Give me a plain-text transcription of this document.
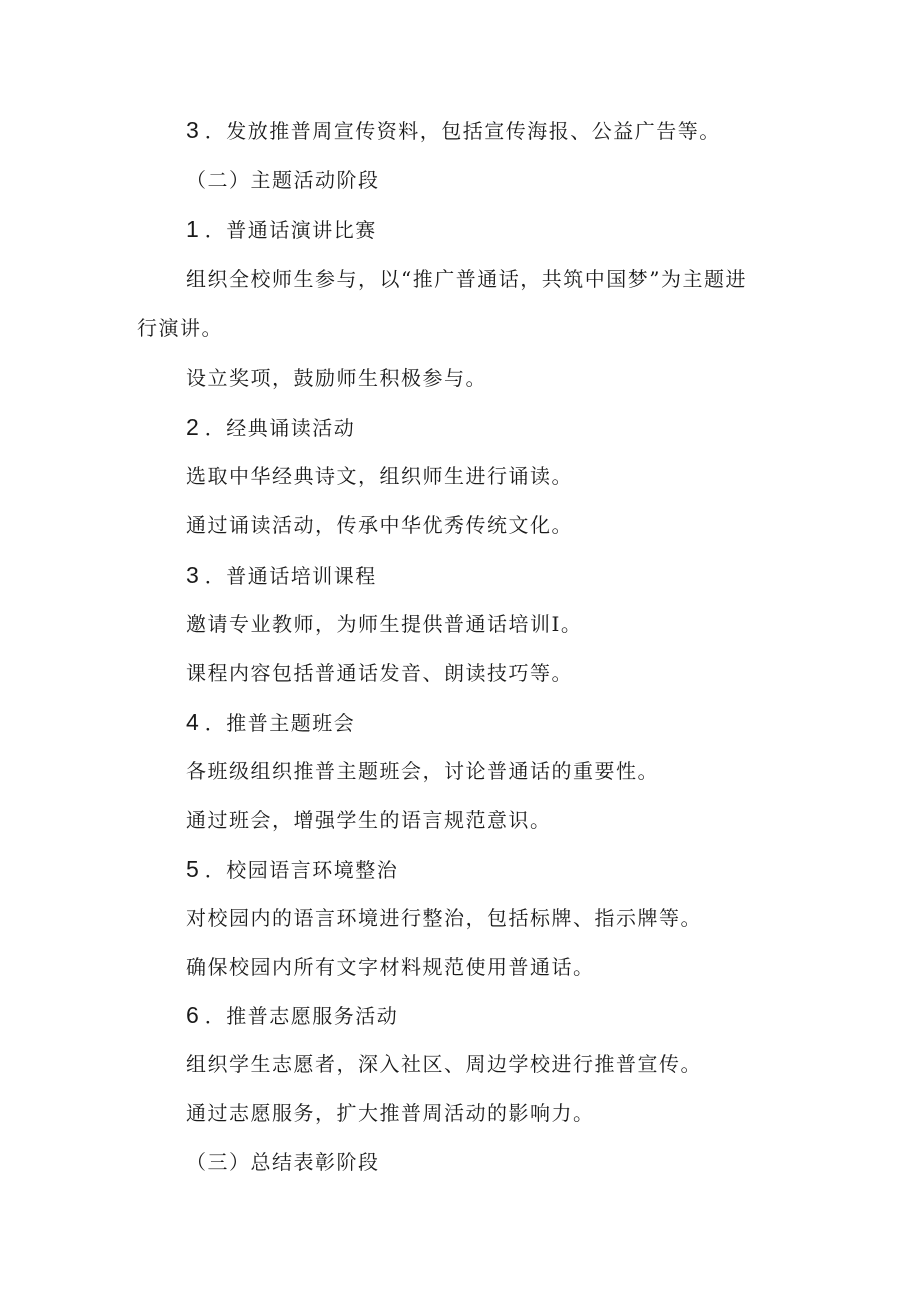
3 ．发放推普周宣传资料，包括宣传海报、公益广告等。
（二）主题活动阶段
1 ．普通话演讲比赛
组织全校师生参与，以“推广普通话，共筑中国梦”为主题进
行演讲。
设立奖项，鼓励师生积极参与。
2 ．经典诵读活动
选取中华经典诗文，组织师生进行诵读。
通过诵读活动，传承中华优秀传统文化。
3 ．普通话培训课程
邀请专业教师，为师生提供普通话培训I。
课程内容包括普通话发音、朗读技巧等。
4 ．推普主题班会
各班级组织推普主题班会，讨论普通话的重要性。
通过班会，增强学生的语言规范意识。
5 ．校园语言环境整治
对校园内的语言环境进行整治，包括标牌、指示牌等。
确保校园内所有文字材料规范使用普通话。
6 ．推普志愿服务活动
组织学生志愿者，深入社区、周边学校进行推普宣传。
通过志愿服务，扩大推普周活动的影响力。
（三）总结表彰阶段
